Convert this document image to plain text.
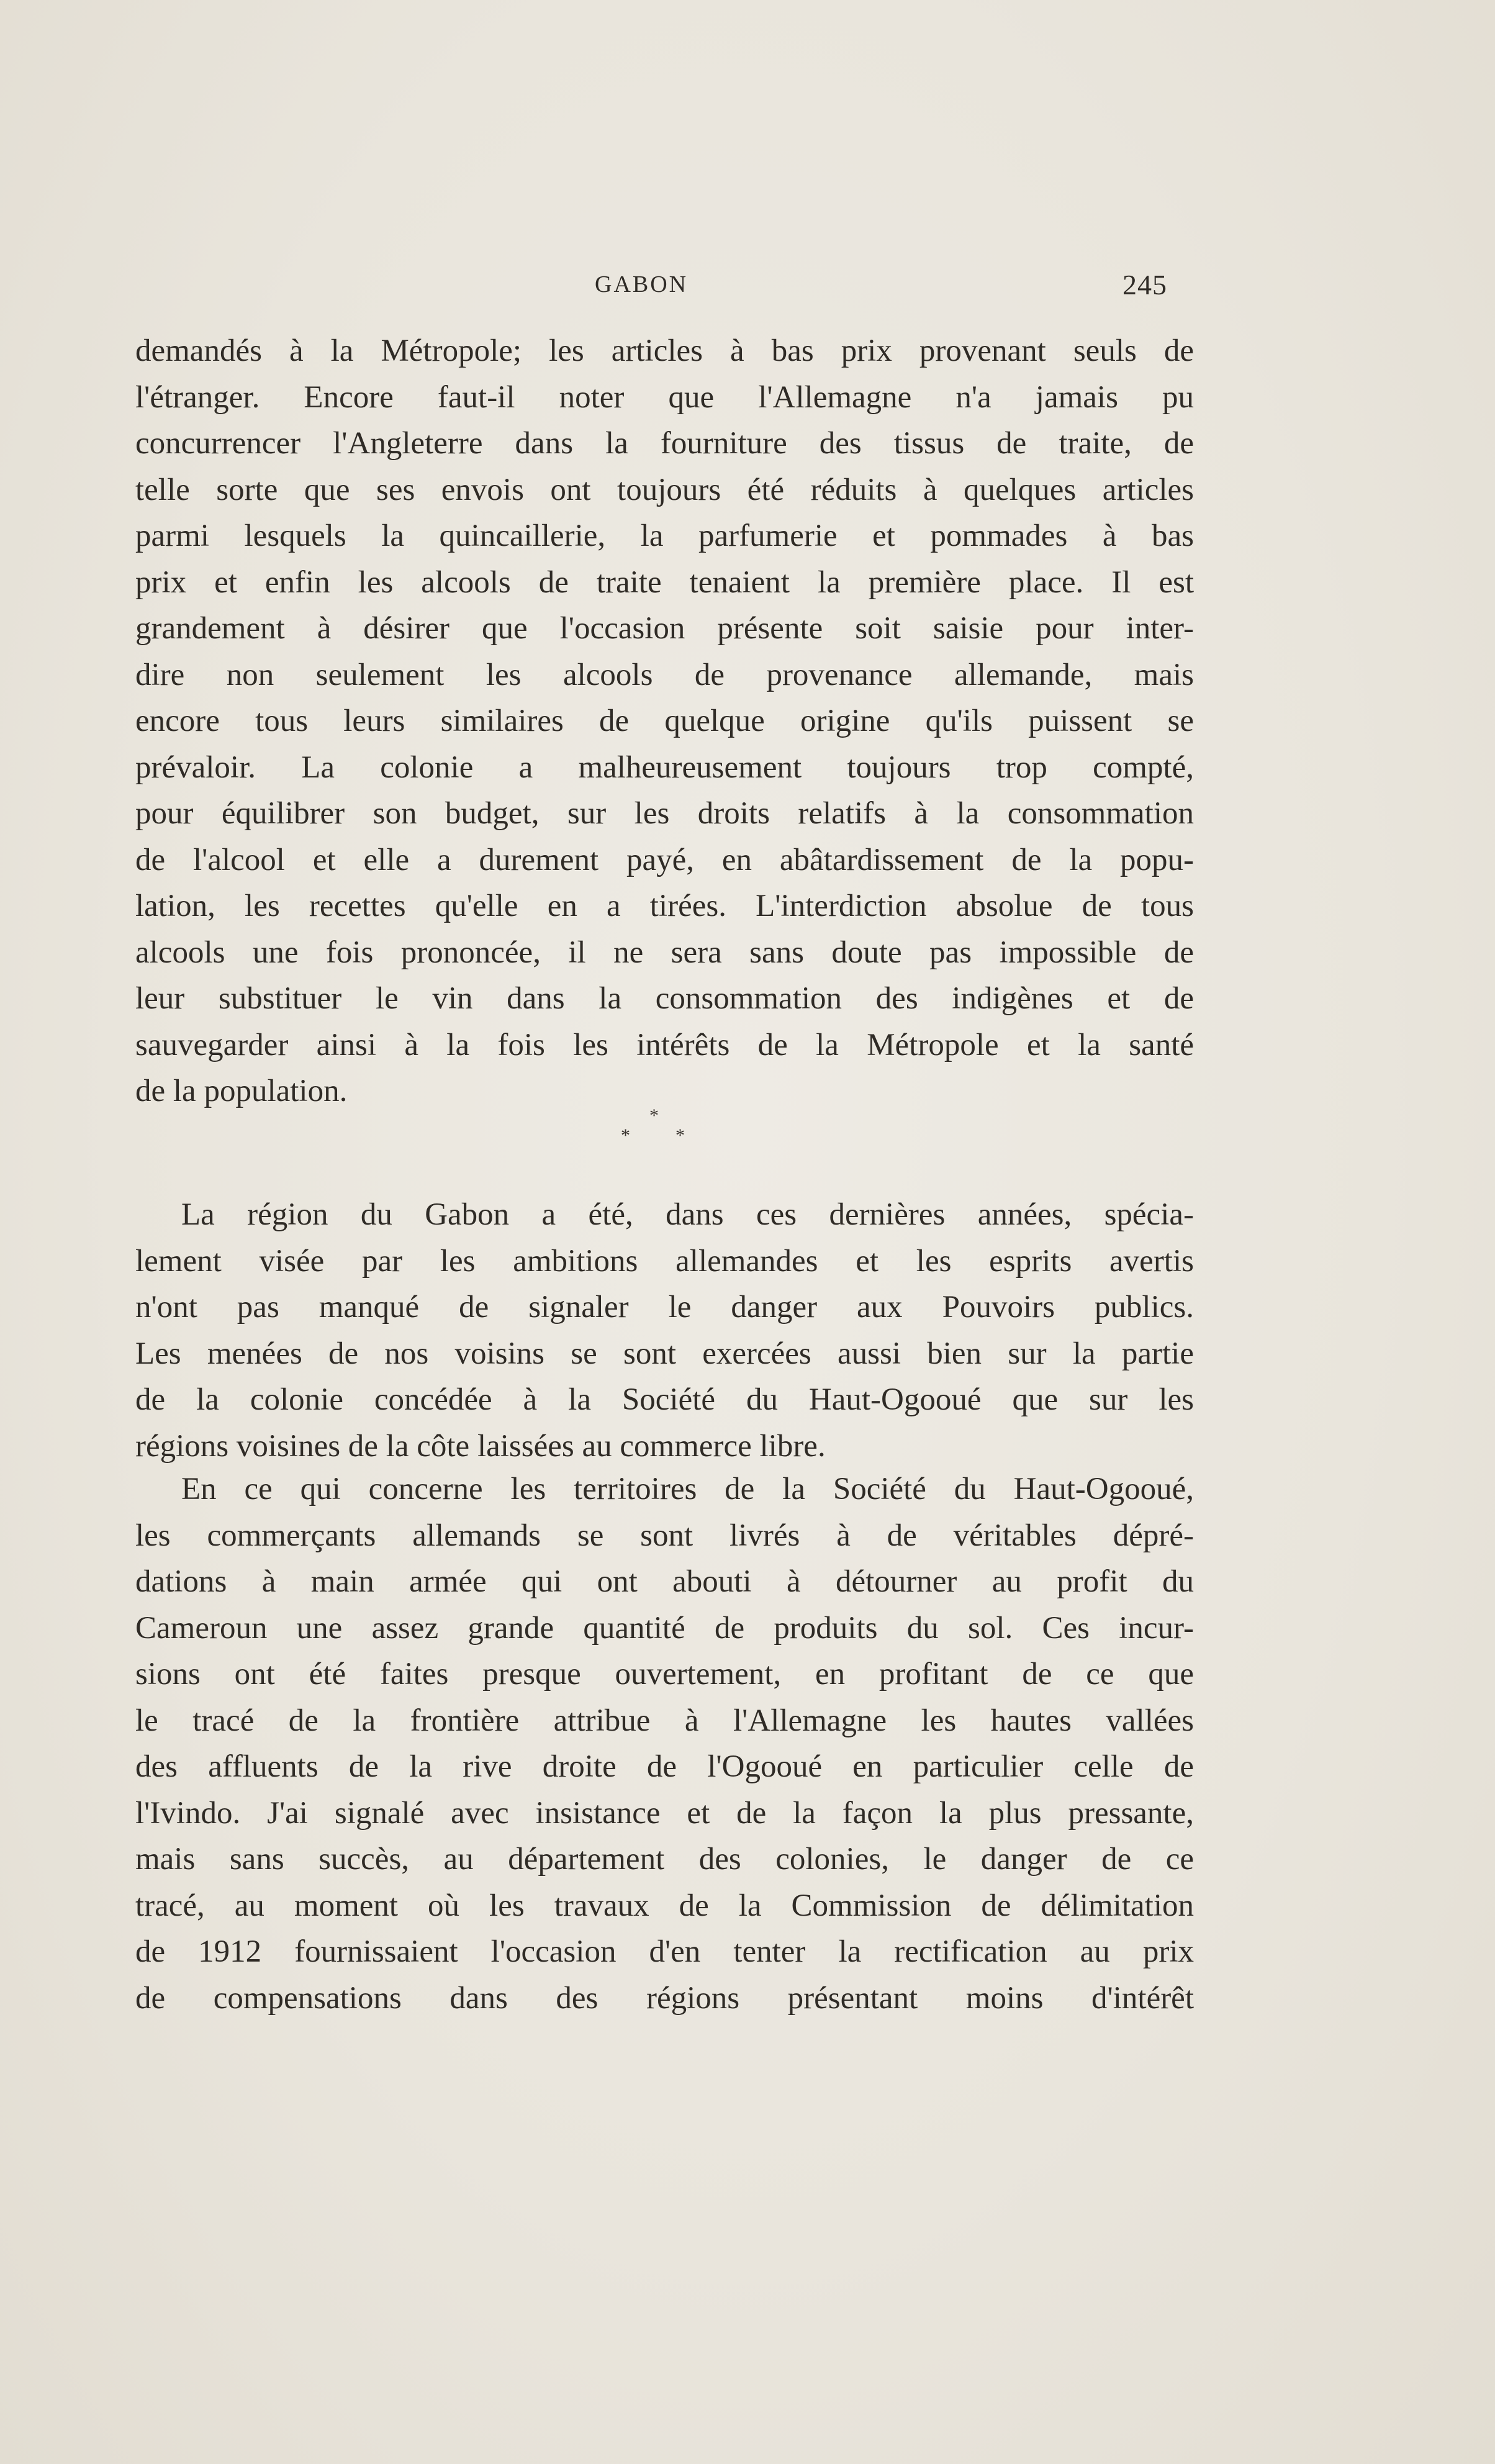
GABON	245
demandés à la Métropole; les articles à bas prix provenant seuls de
l'étranger. Encore faut-il noter que l'Allemagne n'a jamais pu
concurrencer l'Angleterre dans la fourniture des tissus de traite, de
telle sorte que ses envois ont toujours été réduits à quelques articles
parmi lesquels la quincaillerie, la parfumerie et pommades à bas
prix et enfin les alcools de traite tenaient la première place. Il est
grandement à désirer que l'occasion présente soit saisie pour inter-
dire non seulement les alcools de provenance allemande, mais
encore tous leurs similaires de quelque origine qu'ils puissent se
prévaloir. La colonie a malheureusement toujours trop compté,
pour équilibrer son budget, sur les droits relatifs à la consommation
de l'alcool et elle a durement payé, en abâtardissement de la popu-
lation, les recettes qu'elle en a tirées. L'interdiction absolue de tous
alcools une fois prononcée, il ne sera sans doute pas impossible de
leur substituer le vin dans la consommation des indigènes et de
sauvegarder ainsi à la fois les intérêts de la Métropole et la santé
de la population.
*
* *
La région du Gabon a été, dans ces dernières années, spécia-
lement visée par les ambitions allemandes et les esprits avertis
n'ont pas manqué de signaler le danger aux Pouvoirs publics.
Les menées de nos voisins se sont exercées aussi bien sur la partie
de la colonie concédée à la Société du Haut-Ogooué que sur les
régions voisines de la côte laissées au commerce libre.
En ce qui concerne les territoires de la Société du Haut-Ogooué,
les commerçants allemands se sont livrés à de véritables dépré-
dations à main armée qui ont abouti à détourner au profit du
Cameroun une assez grande quantité de produits du sol. Ces incur-
sions ont été faites presque ouvertement, en profitant de ce que
le tracé de la frontière attribue à l'Allemagne les hautes vallées
des affluents de la rive droite de l'Ogooué en particulier celle de
l'Ivindo. J'ai signalé avec insistance et de la façon la plus pressante,
mais sans succès, au département des colonies, le danger de ce
tracé, au moment où les travaux de la Commission de délimitation
de 1912 fournissaient l'occasion d'en tenter la rectification au prix
de compensations dans des régions présentant moins d'intérêt
